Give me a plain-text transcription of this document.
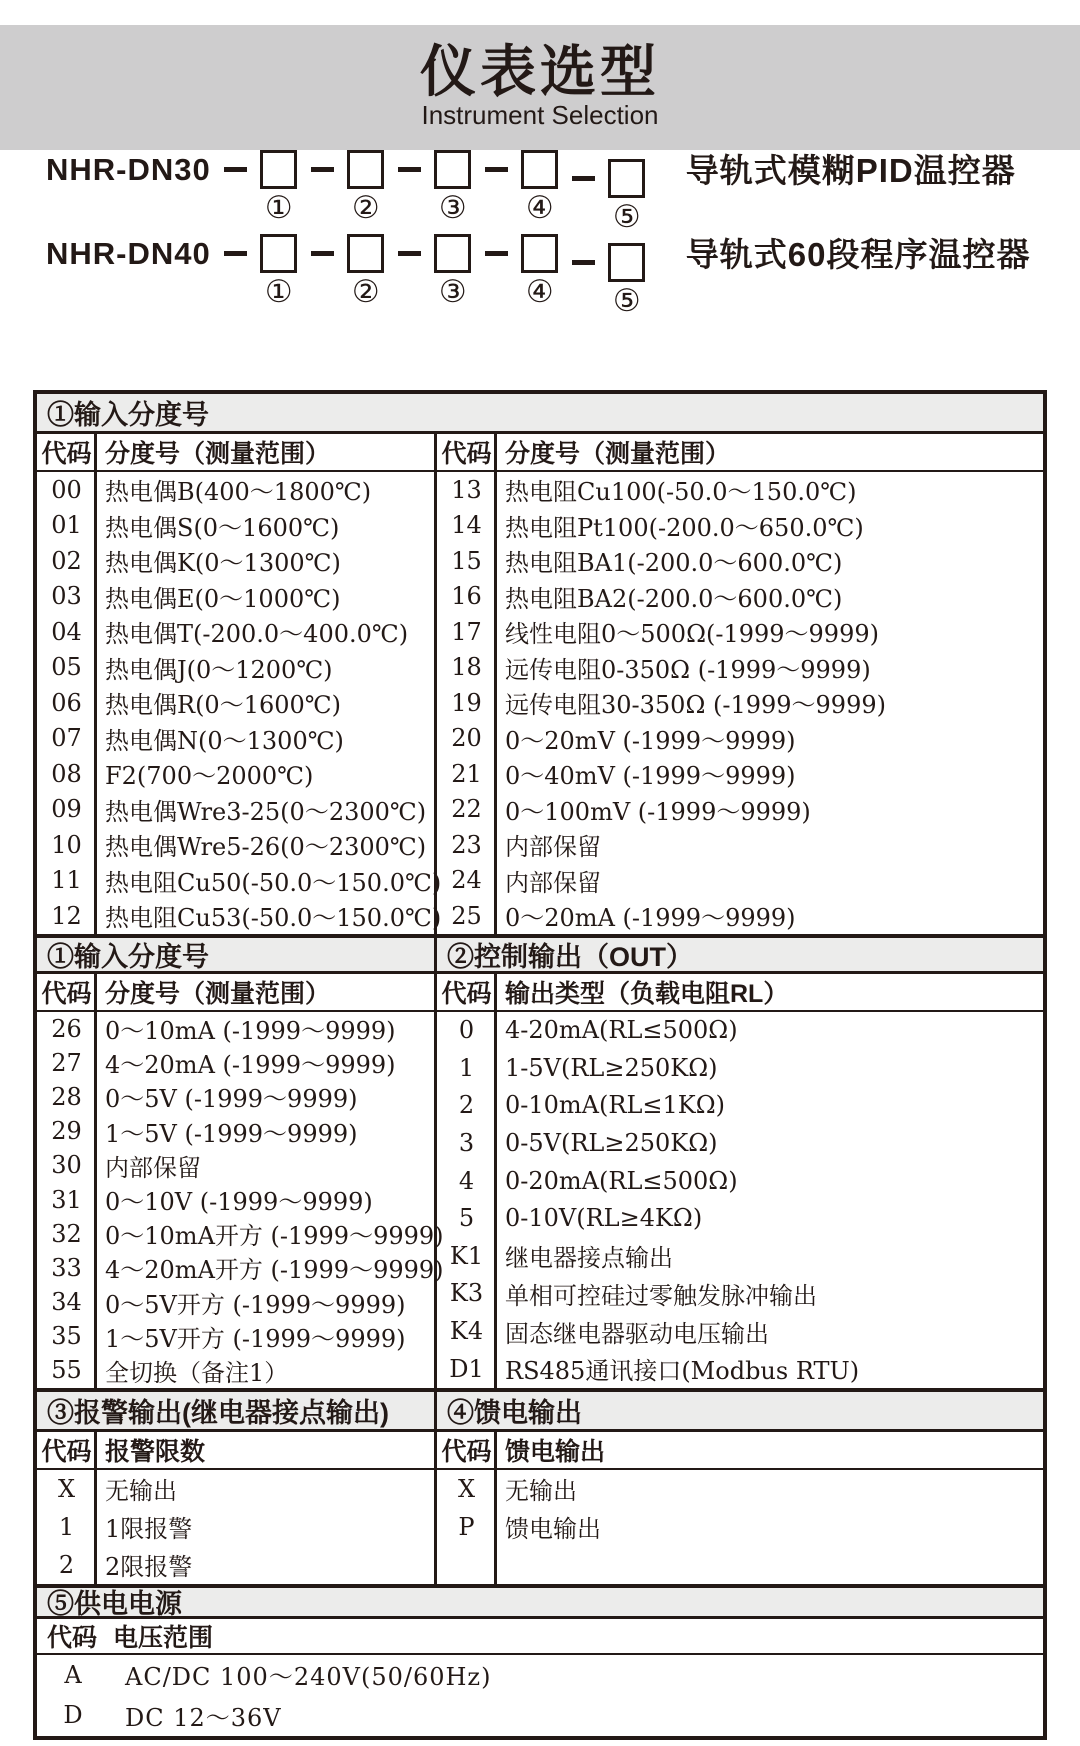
仪表选型
Instrument Selection
NHR-DN30
① ② ③ ④ ⑤
导轨式模糊PID温控器
NHR-DN40
① ② ③ ④ ⑤
导轨式60段程序温控器
①输入分度号
代码 分度号（测量范围）
00 热电偶B(400～1800℃)
01 热电偶S(0～1600℃)
02 热电偶K(0～1300℃)
03 热电偶E(0～1000℃)
04 热电偶T(-200.0～400.0℃)
05 热电偶J(0～1200℃)
06 热电偶R(0～1600℃)
07 热电偶N(0～1300℃)
08 F2(700～2000℃)
09 热电偶Wre3-25(0～2300℃)
10 热电偶Wre5-26(0～2300℃)
11 热电阻Cu50(-50.0～150.0℃)
12 热电阻Cu53(-50.0～150.0℃)
代码 分度号（测量范围）
13 热电阻Cu100(-50.0～150.0℃)
14 热电阻Pt100(-200.0～650.0℃)
15 热电阻BA1(-200.0～600.0℃)
16 热电阻BA2(-200.0～600.0℃)
17 线性电阻0～500Ω(-1999～9999)
18 远传电阻0-350Ω (-1999～9999)
19 远传电阻30-350Ω (-1999～9999)
20 0～20mV (-1999～9999)
21 0～40mV (-1999～9999)
22 0～100mV (-1999～9999)
23 内部保留
24 内部保留
25 0～20mA (-1999～9999)
①输入分度号	②控制输出（OUT）
代码 分度号（测量范围）
26 0～10mA (-1999～9999)
27 4～20mA (-1999～9999)
28 0～5V (-1999～9999)
29 1～5V (-1999～9999)
30 内部保留
31 0～10V (-1999～9999)
32 0～10mA开方 (-1999～9999)
33 4～20mA开方 (-1999～9999)
34 0～5V开方 (-1999～9999)
35 1～5V开方 (-1999～9999)
55 全切换（备注1）
代码 输出类型（负载电阻RL）
0	4-20mA(RL≤500Ω)
1	1-5V(RL≥250KΩ)
2	0-10mA(RL≤1KΩ)
3	0-5V(RL≥250KΩ)
4	0-20mA(RL≤500Ω)
5	0-10V(RL≥4KΩ)
K1 继电器接点输出
K3 单相可控硅过零触发脉冲输出
K4 固态继电器驱动电压输出
D1 RS485通讯接口(Modbus RTU)
③报警输出(继电器接点输出)	④馈电输出
代码 报警限数
X	无输出
1	1限报警
2	2限报警
代码 馈电输出
X	无输出
P	馈电输出
⑤供电电源
代码 电压范围
A	AC/DC 100～240V(50/60Hz)
D	DC 12～36V
